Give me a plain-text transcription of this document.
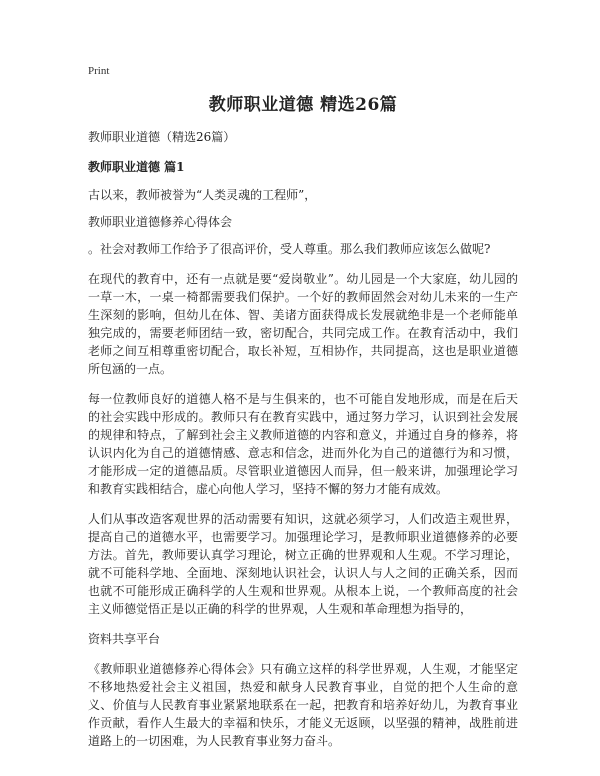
Print
教师职业道德 精选26篇
教师职业道德（精选26篇）
教师职业道德 篇1

古以来，教师被誉为“人类灵魂的工程师”，

教师职业道德修养心得体会

。社会对教师工作给予了很高评价，受人尊重。那么我们教师应该怎么做呢?

在现代的教育中，还有一点就是要“爱岗敬业”。幼儿园是一个大家庭，幼儿园的一草一木，一桌一椅都需要我们保护。一个好的教师固然会对幼儿未来的一生产生深刻的影响，但幼儿在体、智、美诸方面获得成长发展就绝非是一个老师能单独完成的，需要老师团结一致，密切配合，共同完成工作。在教育活动中，我们老师之间互相尊重密切配合，取长补短，互相协作，共同提高，这也是职业道德所包涵的一点。

每一位教师良好的道德人格不是与生俱来的，也不可能自发地形成，而是在后天的社会实践中形成的。教师只有在教育实践中，通过努力学习，认识到社会发展的规律和特点，了解到社会主义教师道德的内容和意义，并通过自身的修养，将认识内化为自己的道德情感、意志和信念，进而外化为自己的道德行为和习惯，才能形成一定的道德品质。尽管职业道德因人而异，但一般来讲，加强理论学习和教育实践相结合，虚心向他人学习，坚持不懈的努力才能有成效。

人们从事改造客观世界的活动需要有知识，这就必须学习，人们改造主观世界，提高自己的道德水平，也需要学习。加强理论学习，是教师职业道德修养的必要方法。首先，教师要认真学习理论，树立正确的世界观和人生观。不学习理论，就不可能科学地、全面地、深刻地认识社会，认识人与人之间的正确关系，因而也就不可能形成正确科学的人生观和世界观。从根本上说，一个教师高度的社会主义师德觉悟正是以正确的科学的世界观，人生观和革命理想为指导的，

资料共享平台

《教师职业道德修养心得体会》只有确立这样的科学世界观，人生观，才能坚定不移地热爱社会主义祖国，热爱和献身人民教育事业，自觉的把个人生命的意义、价值与人民教育事业紧紧地联系在一起，把教育和培养好幼儿，为教育事业作贡献，看作人生最大的幸福和快乐，才能义无返顾，以坚强的精神，战胜前进道路上的一切困难，为人民教育事业努力奋斗。
